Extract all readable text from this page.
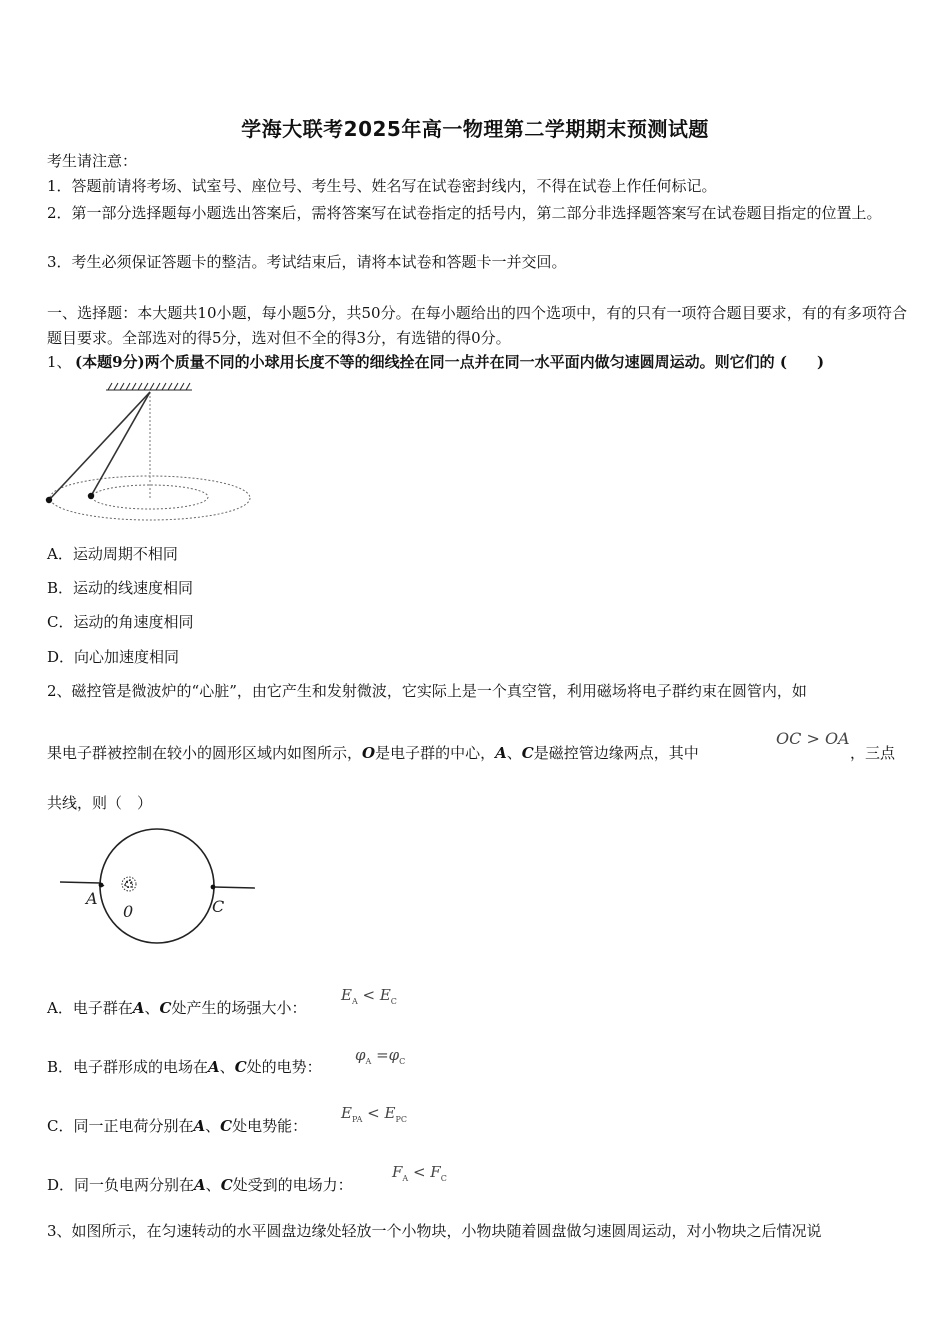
学海大联考2025年高一物理第二学期期末预测试题
考生请注意：
1．答题前请将考场、试室号、座位号、考生号、姓名写在试卷密封线内，不得在试卷上作任何标记。
2．第一部分选择题每小题选出答案后，需将答案写在试卷指定的括号内，第二部分非选择题答案写在试卷题目指定的位置上。
3．考生必须保证答题卡的整洁。考试结束后，请将本试卷和答题卡一并交回。
一、选择题：本大题共10小题，每小题5分，共50分。在每小题给出的四个选项中，有的只有一项符合题目要求，有的有多项符合题目要求。全部选对的得5分，选对但不全的得3分，有选错的得0分。
1、 (本题9分)两个质量不同的小球用长度不等的细线拴在同一点并在同一水平面内做匀速圆周运动。则它们的 (　　)
A．运动周期不相同
B．运动的线速度相同
C．运动的角速度相同
D．向心加速度相同
2、磁控管是微波炉的“心脏”，由它产生和发射微波，它实际上是一个真空管，利用磁场将电子群约束在圆管内，如
果电子群被控制在较小的圆形区域内如图所示，O是电子群的中心，A、C是磁控管边缘两点，其中
OC > OA
，三点
共线，则（　）
A
0	C
A．电子群在A、C处产生的场强大小：
$E_A < E_C$
B．电子群形成的电场在A、C处的电势：
$\varphi_A =\varphi_C$
C．同一正电荷分别在A、C处电势能：
$E_{PA} < E_{PC}$
D．同一负电两分别在A、C处受到的电场力：
$F_A < F_C$
3、如图所示，在匀速转动的水平圆盘边缘处轻放一个小物块，小物块随着圆盘做匀速圆周运动，对小物块之后情况说
